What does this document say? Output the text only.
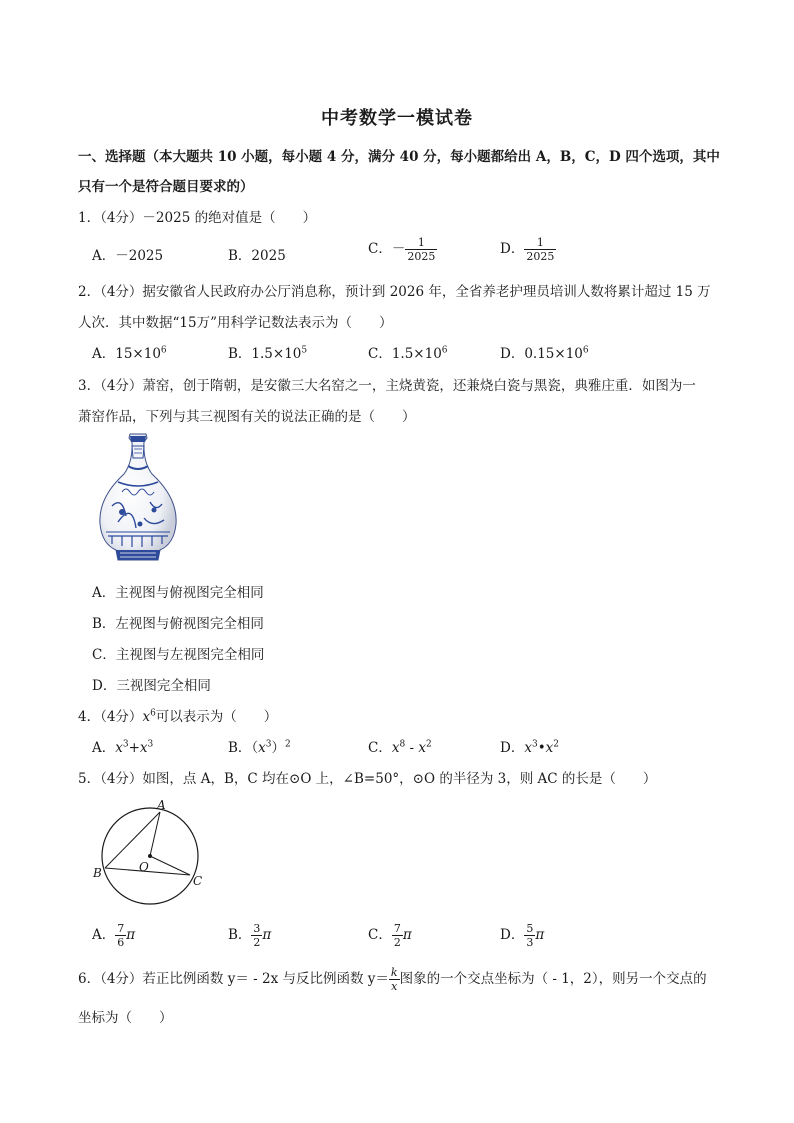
中考数学一模试卷
一、选择题（本大题共 10 小题，每小题 4 分，满分 40 分，每小题都给出 A，B，C，D 四个选项，其中
只有一个是符合题目要求的）
1．（4分）－2025 的绝对值是（　　）
A．－2025	B．2025	C．－ $\frac{1}{2025}$	D． $\frac{1}{2025}$
2．（4分）据安徽省人民政府办公厅消息称，预计到 2026 年，全省养老护理员培训人数将累计超过 15 万
人次．其中数据“15万”用科学记数法表示为（　　）
A．$15\times 10^6$	B．$1.5\times 10^5$	C．$1.5\times 10^6$	D．$0.15\times 10^6$
3．（4分）萧窑，创于隋朝，是安徽三大名窑之一，主烧黄瓷，还兼烧白瓷与黑瓷，典雅庄重．如图为一
萧窑作品，下列与其三视图有关的说法正确的是（　　）
A．主视图与俯视图完全相同
B．左视图与俯视图完全相同
C．主视图与左视图完全相同
D．三视图完全相同
4．（4分）$x^6$可以表示为（　　）
A．$x^3+x^3$	B．$(x^3)^2$	C．$x^8 - x^2$	D．$x^3•x^2$
5．（4分）如图，点 A，B，C 均在⊙O 上，∠B=50°，⊙O 的半径为 3，则 AC 的长是（　　）
A
B
C
O
A． $\frac{7}{6}$ π	B． $\frac{3}{2}$ π	C． $\frac{7}{2}$ π	D． $\frac{5}{3}$ π
6．（4分）若正比例函数 y＝ - 2x 与反比例函数 $y= \frac{k}{x}$ 图象的一个交点坐标为（ - 1，2），则另一个交点的
坐标为（　　）
